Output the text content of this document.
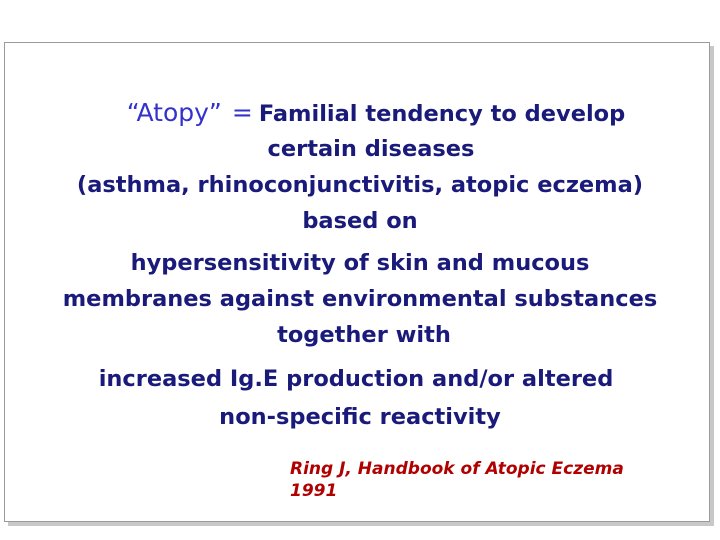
“Atopy” = Familial tendency to develop
certain diseases
(asthma, rhinoconjunctivitis, atopic eczema)
based on
hypersensitivity of skin and mucous
membranes against environmental substances
together with
increased Ig.E production and/or altered
non-specific reactivity
Ring J, Handbook of Atopic Eczema
1991
